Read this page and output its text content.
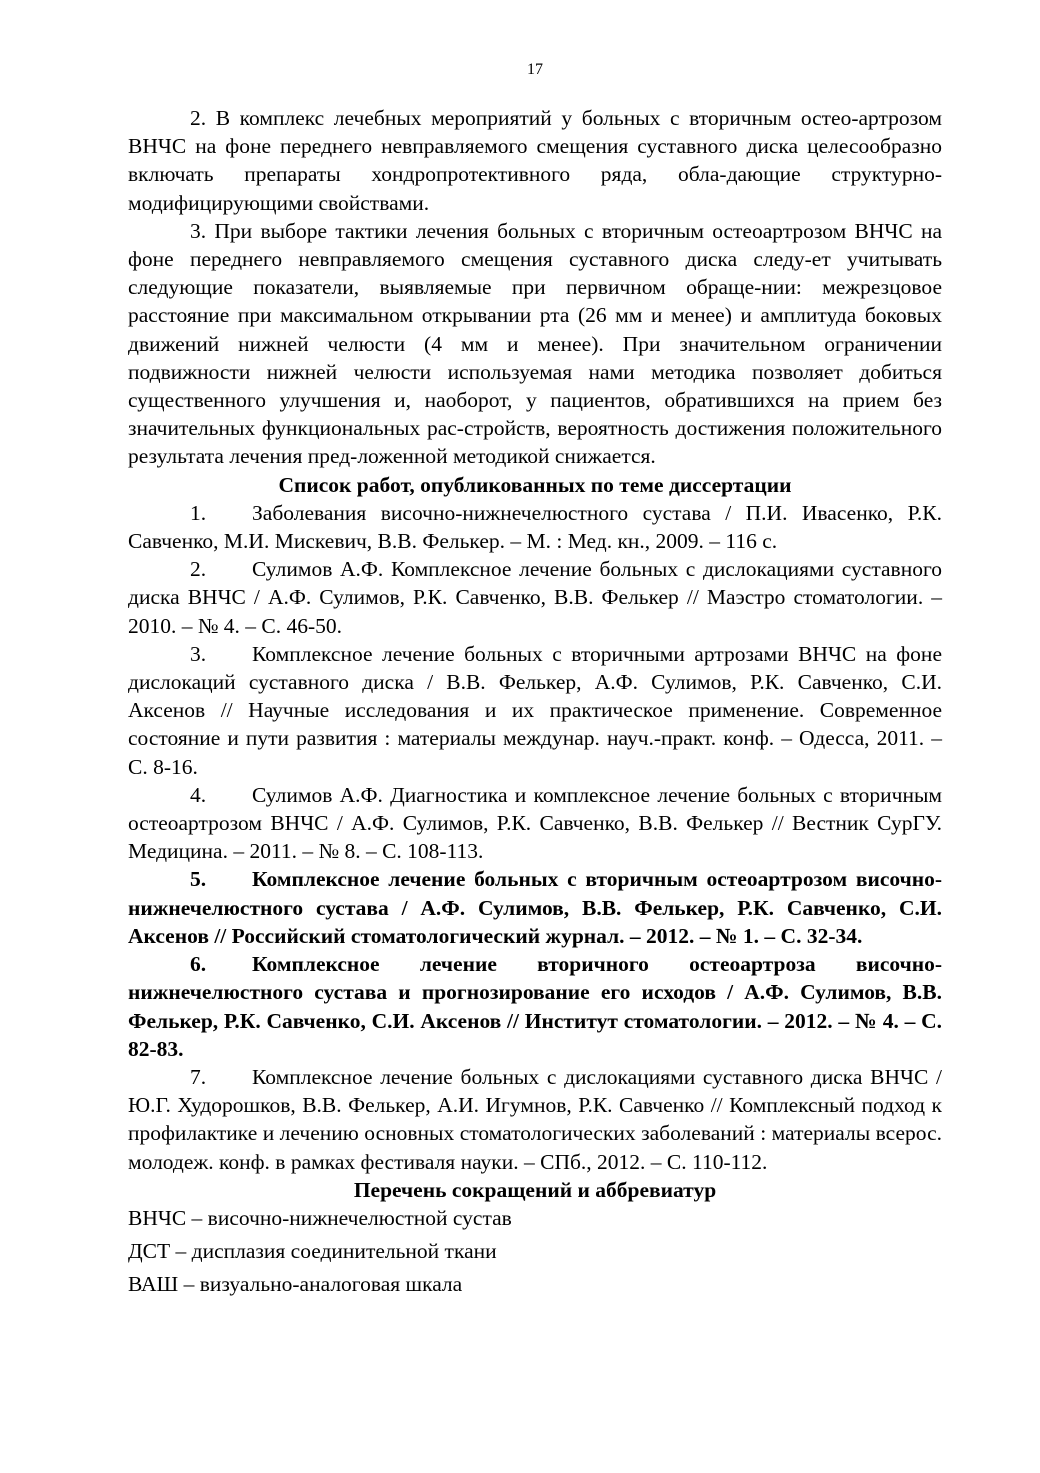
17

2. В комплекс лечебных мероприятий у больных с вторичным остео-артрозом ВНЧС на фоне переднего невправляемого смещения суставного диска целесообразно включать препараты хондропротективного ряда, обла-дающие структурно-модифицирующими свойствами.

3. При выборе тактики лечения больных с вторичным остеоартрозом ВНЧС на фоне переднего невправляемого смещения суставного диска следу-ет учитывать следующие показатели, выявляемые при первичном обраще-нии: межрезцовое расстояние при максимальном открывании рта (26 мм и менее) и амплитуда боковых движений нижней челюсти (4 мм и менее). При значительном ограничении подвижности нижней челюсти используемая нами методика позволяет добиться существенного улучшения и, наоборот, у пациентов, обратившихся на прием без значительных функциональных рас-стройств, вероятность достижения положительного результата лечения пред-ложенной методикой снижается.

Список работ, опубликованных по теме диссертации

1. Заболевания височно-нижнечелюстного сустава / П.И. Ивасенко, Р.К. Савченко, М.И. Мискевич, В.В. Фелькер. – М. : Мед. кн., 2009. – 116 с.

2. Сулимов А.Ф. Комплексное лечение больных с дислокациями суставного диска ВНЧС / А.Ф. Сулимов, Р.К. Савченко, В.В. Фелькер // Маэстро стоматологии. – 2010. – № 4. – С. 46-50.

3. Комплексное лечение больных с вторичными артрозами ВНЧС на фоне дислокаций суставного диска / В.В. Фелькер, А.Ф. Сулимов, Р.К. Савченко, С.И. Аксенов // Научные исследования и их практическое применение. Современное состояние и пути развития : материалы междунар. науч.-практ. конф. – Одесса, 2011. – С. 8-16.

4. Сулимов А.Ф. Диагностика и комплексное лечение больных с вторичным остеоартрозом ВНЧС / А.Ф. Сулимов, Р.К. Савченко, В.В. Фелькер // Вестник СурГУ. Медицина. – 2011. – № 8. – С. 108-113.

5. Комплексное лечение больных с вторичным остеоартрозом височно-нижнечелюстного сустава / А.Ф. Сулимов, В.В. Фелькер, Р.К. Савченко, С.И. Аксенов // Российский стоматологический журнал. – 2012. – № 1. – С. 32-34.

6. Комплексное лечение вторичного остеоартроза височно-нижнечелюстного сустава и прогнозирование его исходов / А.Ф. Сулимов, В.В. Фелькер, Р.К. Савченко, С.И. Аксенов // Институт стоматологии. – 2012. – № 4. – С. 82-83.

7. Комплексное лечение больных с дислокациями суставного диска ВНЧС / Ю.Г. Худорошков, В.В. Фелькер, А.И. Игумнов, Р.К. Савченко // Комплексный подход к профилактике и лечению основных стоматологических заболеваний : материалы всерос. молодеж. конф. в рамках фестиваля науки. – СПб., 2012. – С. 110-112.

Перечень сокращений и аббревиатур

ВНЧС – височно-нижнечелюстной сустав

ДСТ – дисплазия соединительной ткани

ВАШ – визуально-аналоговая шкала
